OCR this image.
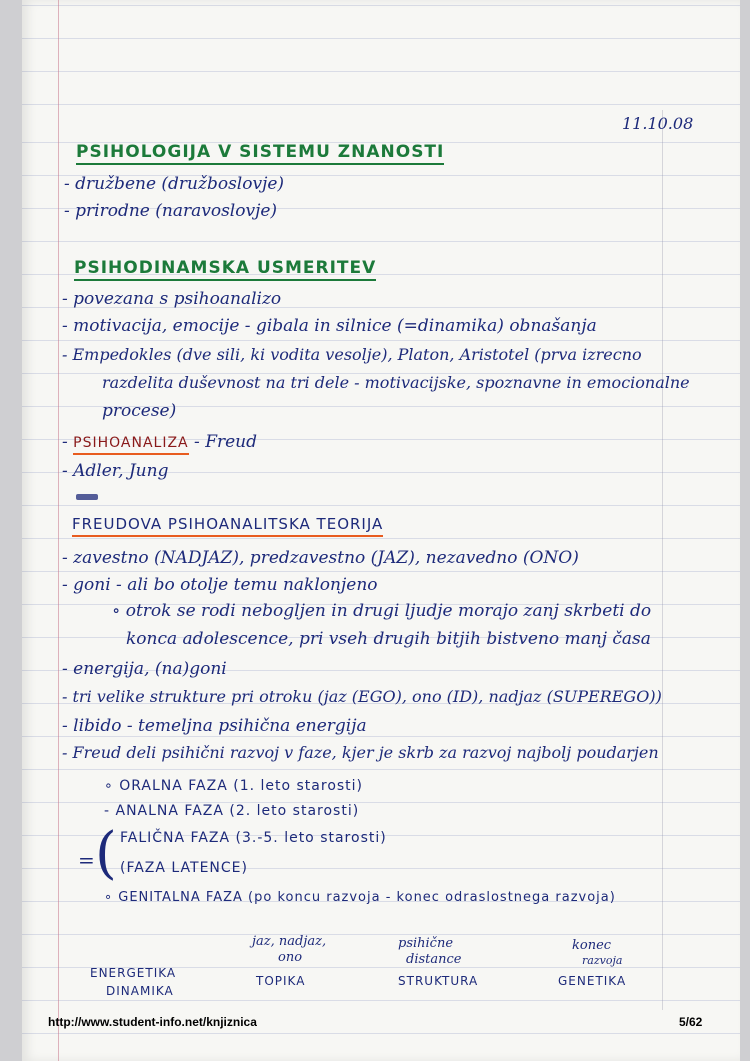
11.10.08
PSIHOLOGIJA V SISTEMU ZNANOSTI
- družbene (družboslovje)
- prirodne (naravoslovje)
PSIHODINAMSKA USMERITEV
- povezana s psihoanalizo
- motivacija, emocije - gibala in silnice (=dinamika) obnašanja
- Empedokles (dve sili, ki vodita vesolje), Platon, Aristotel (prva izrecno
razdelita duševnost na tri dele - motivacijske, spoznavne in emocionalne
procese)
- PSIHOANALIZA - Freud
- Adler, Jung
FREUDOVA PSIHOANALITSKA TEORIJA
- zavestno (NADJAZ), predzavestno (JAZ), nezavedno (ONO)
- goni - ali bo otolje temu naklonjeno
∘ otrok se rodi nebogljen in drugi ljudje morajo zanj skrbeti do
konca adolescence, pri vseh drugih bitjih bistveno manj časa
- energija, (na)goni
- tri velike strukture pri otroku (jaz (EGO), ono (ID), nadjaz (SUPEREGO))
- libido - temeljna psihična energija
- Freud deli psihični razvoj v faze, kjer je skrb za razvoj najbolj poudarjen
∘ ORALNA FAZA (1. leto starosti)
- ANALNA FAZA (2. leto starosti)
= ( FALIČNA FAZA (3.-5. leto starosti)
(FAZA LATENCE)
∘ GENITALNA FAZA (po koncu razvoja - konec odraslostnega razvoja)
ENERGETIKA
DINAMIKA
jaz, nadjaz,
ono
TOPIKA
psihične
distance
STRUKTURA
konec
razvoja
GENETIKA
http://www.student-info.net/knjiznica	5/62
